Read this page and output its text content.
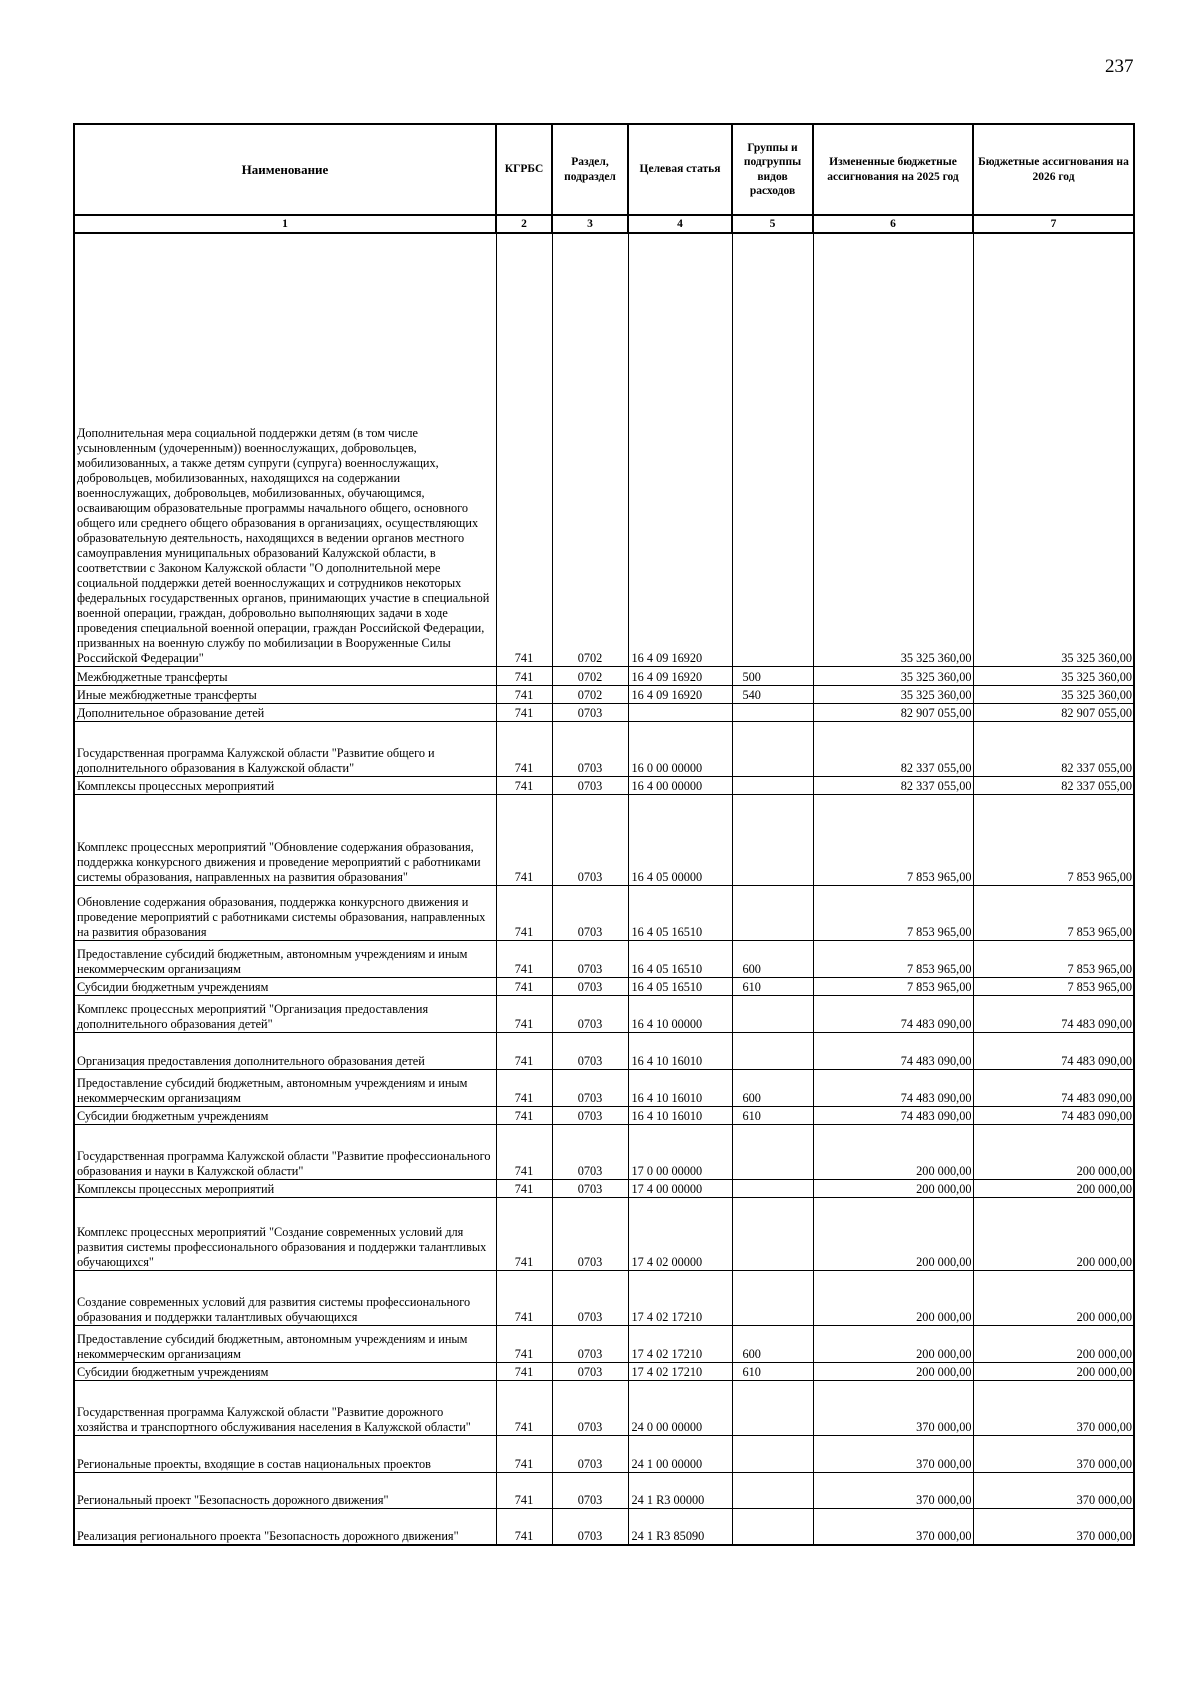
237
Наименование	КГРБС	Раздел, подраздел	Целевая статья	Группы и подгруппы видов расходов	Измененные бюджетные ассигнования на 2025 год	Бюджетные ассигнования на 2026 год
1	2	3	4	5	6	7
Дополнительная мера социальной поддержки детям (в том числе усыновленным (удочеренным)) военнослужащих, добровольцев, мобилизованных, а также детям супруги (супруга) военнослужащих, добровольцев, мобилизованных, находящихся на содержании военнослужащих, добровольцев, мобилизованных, обучающимся, осваивающим образовательные программы начального общего, основного общего или среднего общего образования в организациях, осуществляющих образовательную деятельность, находящихся в ведении органов местного самоуправления муниципальных образований Калужской области, в соответствии с Законом Калужской области "О дополнительной мере социальной поддержки детей военнослужащих и сотрудников некоторых федеральных государственных органов, принимающих участие в специальной военной операции, граждан, добровольно выполняющих задачи в ходе проведения специальной военной операции, граждан Российской Федерации, призванных на военную службу по мобилизации в Вооруженные Силы Российской Федерации"	741	0702	16 4 09 16920		35 325 360,00	35 325 360,00
Межбюджетные трансферты	741	0702	16 4 09 16920	500	35 325 360,00	35 325 360,00
Иные межбюджетные трансферты	741	0702	16 4 09 16920	540	35 325 360,00	35 325 360,00
Дополнительное образование детей	741	0703			82 907 055,00	82 907 055,00
Государственная программа Калужской области "Развитие общего и дополнительного образования в Калужской области"	741	0703	16 0 00 00000		82 337 055,00	82 337 055,00
Комплексы процессных мероприятий	741	0703	16 4 00 00000		82 337 055,00	82 337 055,00
Комплекс процессных мероприятий "Обновление содержания образования, поддержка конкурсного движения и проведение мероприятий с работниками системы образования, направленных на развития образования"	741	0703	16 4 05 00000		7 853 965,00	7 853 965,00
Обновление содержания образования, поддержка конкурсного движения и проведение мероприятий с работниками системы образования, направленных на развития образования	741	0703	16 4 05 16510		7 853 965,00	7 853 965,00
Предоставление субсидий бюджетным, автономным учреждениям и иным некоммерческим организациям	741	0703	16 4 05 16510	600	7 853 965,00	7 853 965,00
Субсидии бюджетным учреждениям	741	0703	16 4 05 16510	610	7 853 965,00	7 853 965,00
Комплекс процессных мероприятий "Организация предоставления дополнительного образования детей"	741	0703	16 4 10 00000		74 483 090,00	74 483 090,00
Организация предоставления дополнительного образования детей	741	0703	16 4 10 16010		74 483 090,00	74 483 090,00
Предоставление субсидий бюджетным, автономным учреждениям и иным некоммерческим организациям	741	0703	16 4 10 16010	600	74 483 090,00	74 483 090,00
Субсидии бюджетным учреждениям	741	0703	16 4 10 16010	610	74 483 090,00	74 483 090,00
Государственная программа Калужской области "Развитие профессионального образования и науки в Калужской области"	741	0703	17 0 00 00000		200 000,00	200 000,00
Комплексы процессных мероприятий	741	0703	17 4 00 00000		200 000,00	200 000,00
Комплекс процессных мероприятий "Создание современных условий для развития системы профессионального образования и поддержки талантливых обучающихся"	741	0703	17 4 02 00000		200 000,00	200 000,00
Создание современных условий для развития системы профессионального образования и поддержки талантливых обучающихся	741	0703	17 4 02 17210		200 000,00	200 000,00
Предоставление субсидий бюджетным, автономным учреждениям и иным некоммерческим организациям	741	0703	17 4 02 17210	600	200 000,00	200 000,00
Субсидии бюджетным учреждениям	741	0703	17 4 02 17210	610	200 000,00	200 000,00
Государственная программа Калужской области "Развитие дорожного хозяйства и транспортного обслуживания населения в Калужской области"	741	0703	24 0 00 00000		370 000,00	370 000,00
Региональные проекты, входящие в состав национальных проектов	741	0703	24 1 00 00000		370 000,00	370 000,00
Региональный проект "Безопасность дорожного движения"	741	0703	24 1 R3 00000		370 000,00	370 000,00
Реализация регионального проекта "Безопасность дорожного движения"	741	0703	24 1 R3 85090		370 000,00	370 000,00
